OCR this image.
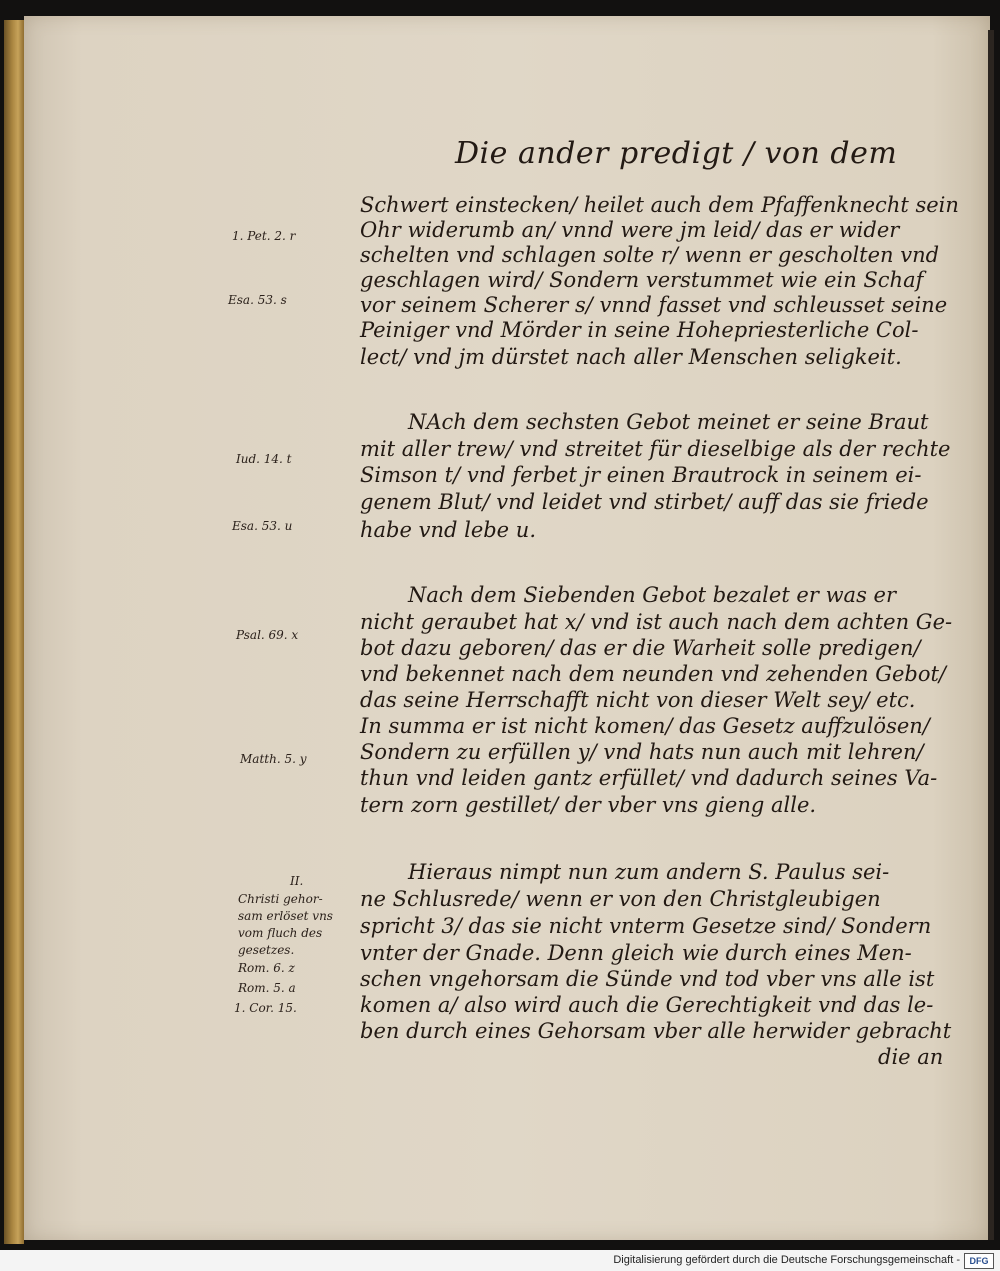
Die ander predigt / von dem
Schwert einstecken/ heilet auch dem Pfaffenknecht sein
Ohr widerumb an/ vnnd were jm leid/ das er wider
schelten vnd schlagen solte r/ wenn er gescholten vnd
geschlagen wird/ Sondern verstummet wie ein Schaf
vor seinem Scherer s/ vnnd fasset vnd schleusset seine
Peiniger vnd Mörder in seine Hohepriesterliche Col-
lect/ vnd jm dürstet nach aller Menschen seligkeit.
NAch dem sechsten Gebot meinet er seine Braut
mit aller trew/ vnd streitet für dieselbige als der rechte
Simson t/ vnd ferbet jr einen Brautrock in seinem ei-
genem Blut/ vnd leidet vnd stirbet/ auff das sie friede
habe vnd lebe u.
Nach dem Siebenden Gebot bezalet er was er
nicht geraubet hat x/ vnd ist auch nach dem achten Ge-
bot dazu geboren/ das er die Warheit solle predigen/
vnd bekennet nach dem neunden vnd zehenden Gebot/
das seine Herrschafft nicht von dieser Welt sey/ etc.
In summa er ist nicht komen/ das Gesetz auffzulösen/
Sondern zu erfüllen y/ vnd hats nun auch mit lehren/
thun vnd leiden gantz erfüllet/ vnd dadurch seines Va-
tern zorn gestillet/ der vber vns gieng alle.
Hieraus nimpt nun zum andern S. Paulus sei-
ne Schlusrede/ wenn er von den Christgleubigen
spricht 3/ das sie nicht vnterm Gesetze sind/ Sondern
vnter der Gnade. Denn gleich wie durch eines Men-
schen vngehorsam die Sünde vnd tod vber vns alle ist
komen a/ also wird auch die Gerechtigkeit vnd das le-
ben durch eines Gehorsam vber alle herwider gebracht
die an
1. Pet. 2. r
Esa. 53. s
Iud. 14. t
Esa. 53. u
Psal. 69. x
Matth. 5. y
II.
Christi gehor-
sam erlöset vns
vom fluch des
gesetzes.
Rom. 6. z
Rom. 5. a
1. Cor. 15.
Digitalisierung gefördert durch die Deutsche Forschungsgemeinschaft -	DFG
